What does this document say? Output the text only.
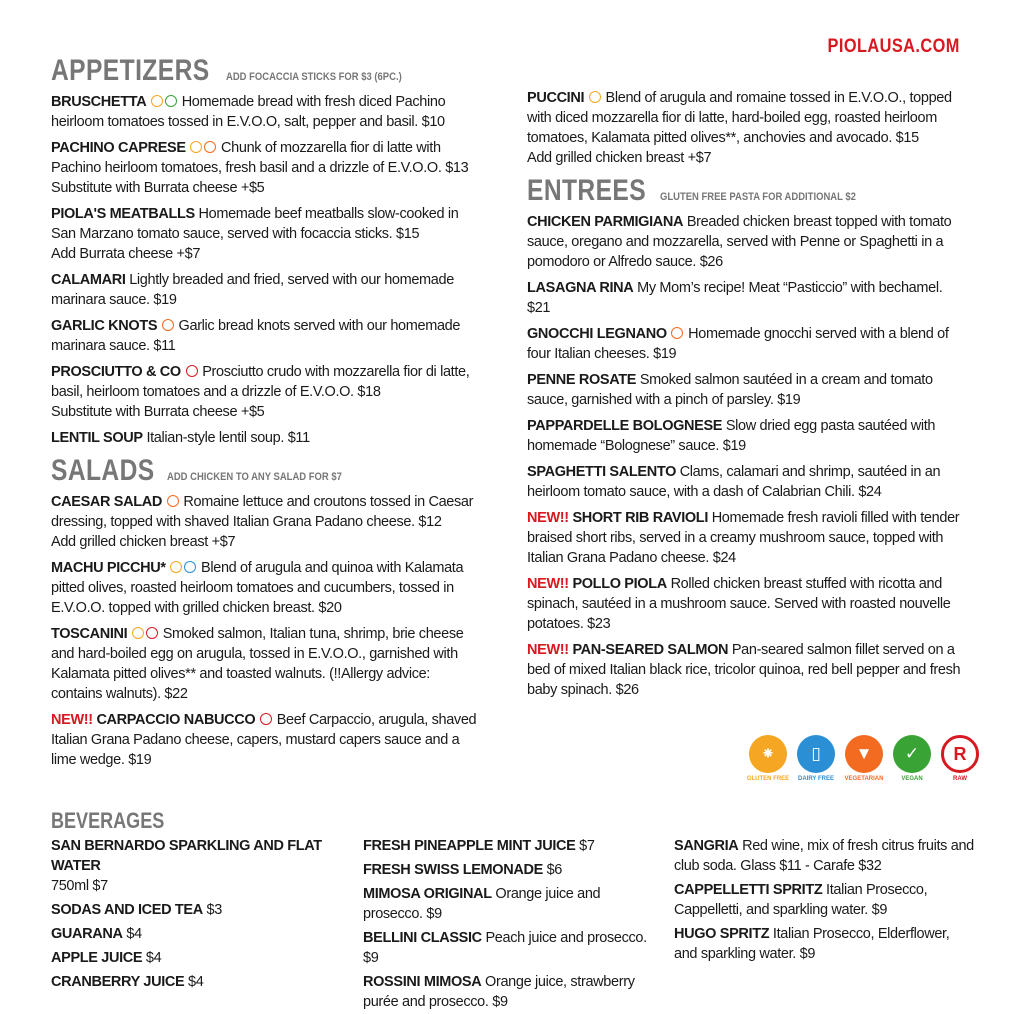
PIOLAUSA.COM
APPETIZERS ADD FOCACCIA STICKS FOR $3 (6PC.)
BRUSCHETTA  Homemade bread with fresh diced Pachino heirloom tomatoes tossed in E.V.O.O, salt, pepper and basil. $10
PACHINO CAPRESE  Chunk of mozzarella fior di latte with Pachino heirloom tomatoes, fresh basil and a drizzle of E.V.O.O. $13
Substitute with Burrata cheese +$5
PIOLA'S MEATBALLS Homemade beef meatballs slow-cooked in San Marzano tomato sauce, served with focaccia sticks. $15
Add Burrata cheese +$7
CALAMARI Lightly breaded and fried, served with our homemade marinara sauce. $19
GARLIC KNOTS  Garlic bread knots served with our homemade marinara sauce. $11
PROSCIUTTO & CO  Prosciutto crudo with mozzarella fior di latte, basil, heirloom tomatoes and a drizzle of E.V.O.O. $18
Substitute with Burrata cheese +$5
LENTIL SOUP Italian-style lentil soup. $11
SALADS ADD CHICKEN TO ANY SALAD FOR $7
CAESAR SALAD  Romaine lettuce and croutons tossed in Caesar dressing, topped with shaved Italian Grana Padano cheese. $12
Add grilled chicken breast +$7
MACHU PICCHU*  Blend of arugula and quinoa with Kalamata pitted olives, roasted heirloom tomatoes and cucumbers, tossed in E.V.O.O. topped with grilled chicken breast. $20
TOSCANINI  Smoked salmon, Italian tuna, shrimp, brie cheese and hard-boiled egg on arugula, tossed in E.V.O.O., garnished with Kalamata pitted olives** and toasted walnuts. (!!Allergy advice: contains walnuts). $22
NEW!! CARPACCIO NABUCCO  Beef Carpaccio, arugula, shaved Italian Grana Padano cheese, capers, mustard capers sauce and a lime wedge. $19
PUCCINI  Blend of arugula and romaine tossed in E.V.O.O., topped with diced mozzarella fior di latte, hard-boiled egg, roasted heirloom tomatoes, Kalamata pitted olives**, anchovies and avocado. $15
Add grilled chicken breast +$7
ENTREES GLUTEN FREE PASTA FOR ADDITIONAL $2
CHICKEN PARMIGIANA Breaded chicken breast topped with tomato sauce, oregano and mozzarella, served with Penne or Spaghetti in a pomodoro or Alfredo sauce. $26
LASAGNA RINA My Mom’s recipe! Meat “Pasticcio” with bechamel. $21
GNOCCHI LEGNANO  Homemade gnocchi served with a blend of four Italian cheeses. $19
PENNE ROSATE Smoked salmon sautéed in a cream and tomato sauce, garnished with a pinch of parsley. $19
PAPPARDELLE BOLOGNESE Slow dried egg pasta sautéed with homemade “Bolognese” sauce. $19
SPAGHETTI SALENTO Clams, calamari and shrimp, sautéed in an heirloom tomato sauce, with a dash of Calabrian Chili. $24
NEW!! SHORT RIB RAVIOLI Homemade fresh ravioli filled with tender braised short ribs, served in a creamy mushroom sauce, topped with Italian Grana Padano cheese. $24
NEW!! POLLO PIOLA Rolled chicken breast stuffed with ricotta and spinach, sautéed in a mushroom sauce. Served with roasted nouvelle potatoes. $23
NEW!! PAN-SEARED SALMON Pan-seared salmon fillet served on a bed of mixed Italian black rice, tricolor quinoa, red bell pepper and fresh baby spinach. $26
⁕
GLUTEN FREE
▯
DAIRY FREE
▼
VEGETARIAN
✓
VEGAN
R
RAW
BEVERAGES
SAN BERNARDO SPARKLING AND FLAT WATER
750ml $7
SODAS AND ICED TEA $3
GUARANA $4
APPLE JUICE $4
CRANBERRY JUICE $4
FRESH PINEAPPLE MINT JUICE $7
FRESH SWISS LEMONADE $6
MIMOSA ORIGINAL Orange juice and prosecco. $9
BELLINI CLASSIC Peach juice and prosecco. $9
ROSSINI MIMOSA Orange juice, strawberry purée and prosecco. $9
SANGRIA Red wine, mix of fresh citrus fruits and club soda. Glass $11 - Carafe $32
CAPPELLETTI SPRITZ Italian Prosecco, Cappelletti, and sparkling water. $9
HUGO SPRITZ Italian Prosecco, Elderflower, and sparkling water. $9
